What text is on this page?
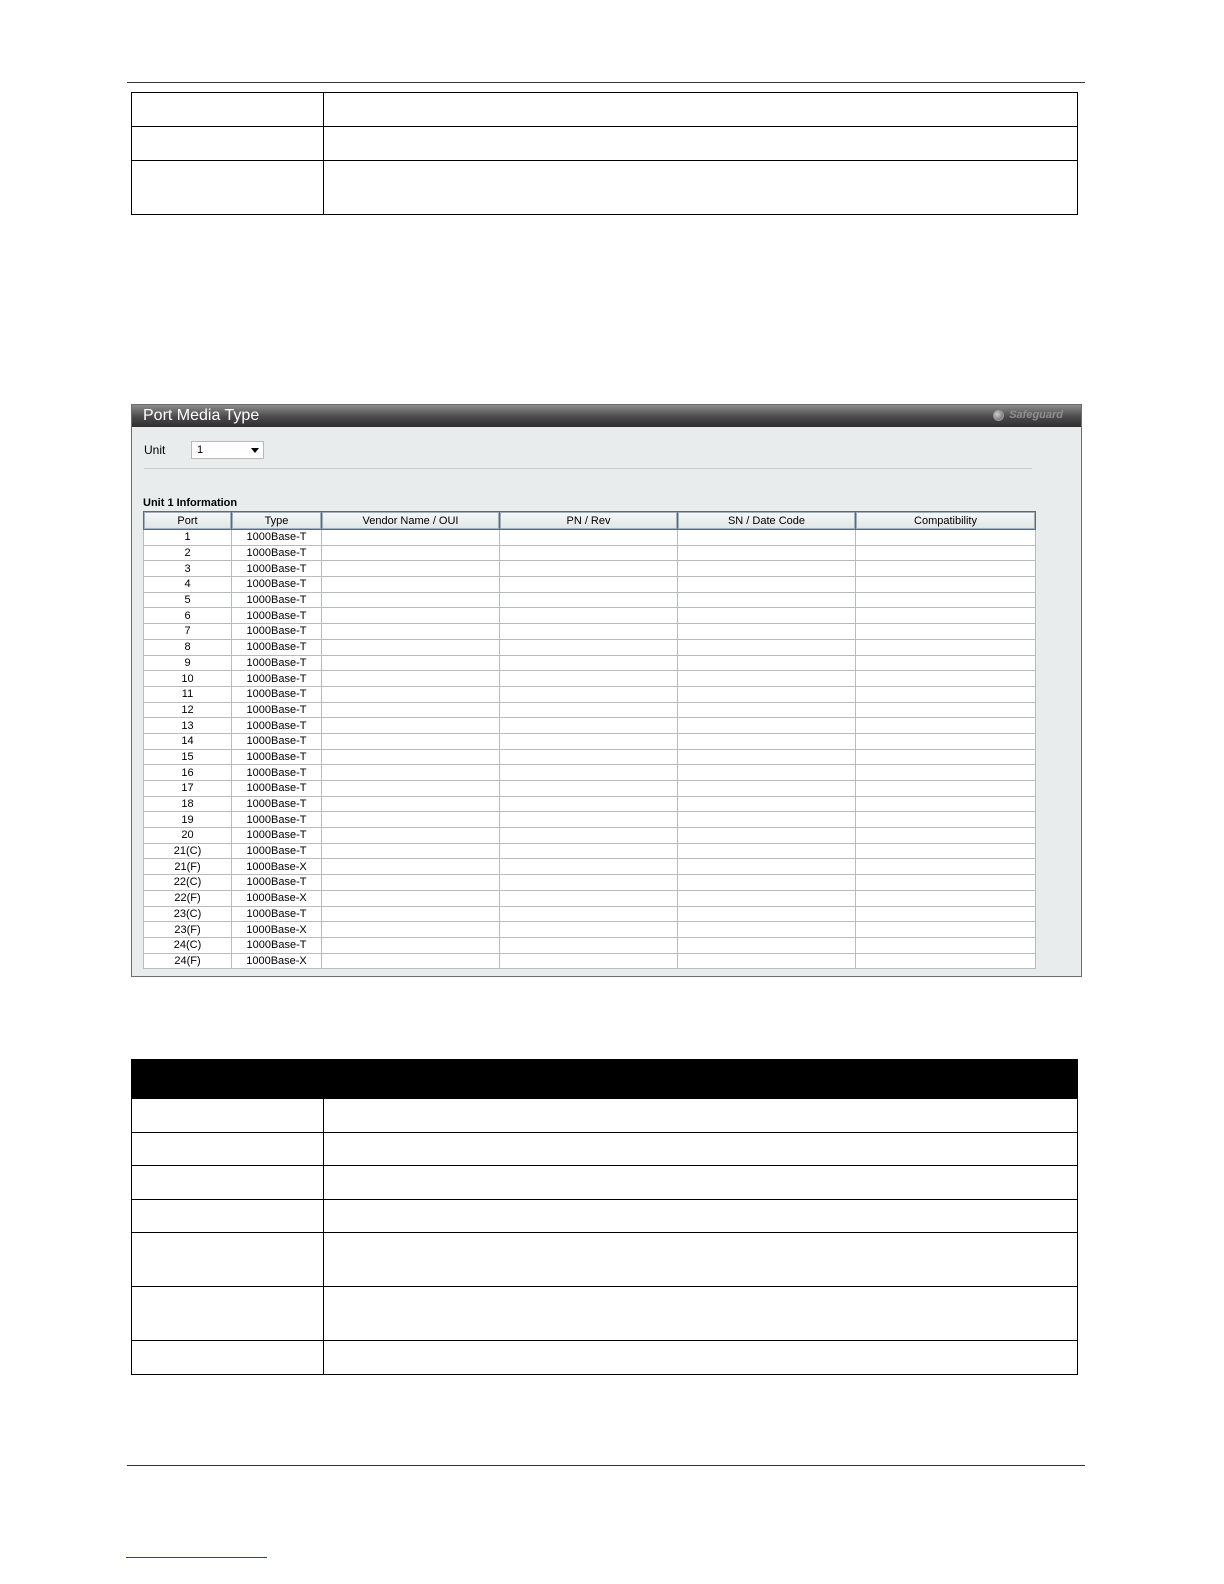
Port Media Type	Safeguard
Unit	1
Unit 1 Information
Port	Type	Vendor Name / OUI	PN / Rev	SN / Date Code	Compatibility
1	1000Base-T				
2	1000Base-T				
3	1000Base-T				
4	1000Base-T				
5	1000Base-T				
6	1000Base-T				
7	1000Base-T				
8	1000Base-T				
9	1000Base-T				
10	1000Base-T				
11	1000Base-T				
12	1000Base-T				
13	1000Base-T				
14	1000Base-T				
15	1000Base-T				
16	1000Base-T				
17	1000Base-T				
18	1000Base-T				
19	1000Base-T				
20	1000Base-T				
21(C)	1000Base-T				
21(F)	1000Base-X				
22(C)	1000Base-T				
22(F)	1000Base-X				
23(C)	1000Base-T				
23(F)	1000Base-X				
24(C)	1000Base-T				
24(F)	1000Base-X				
